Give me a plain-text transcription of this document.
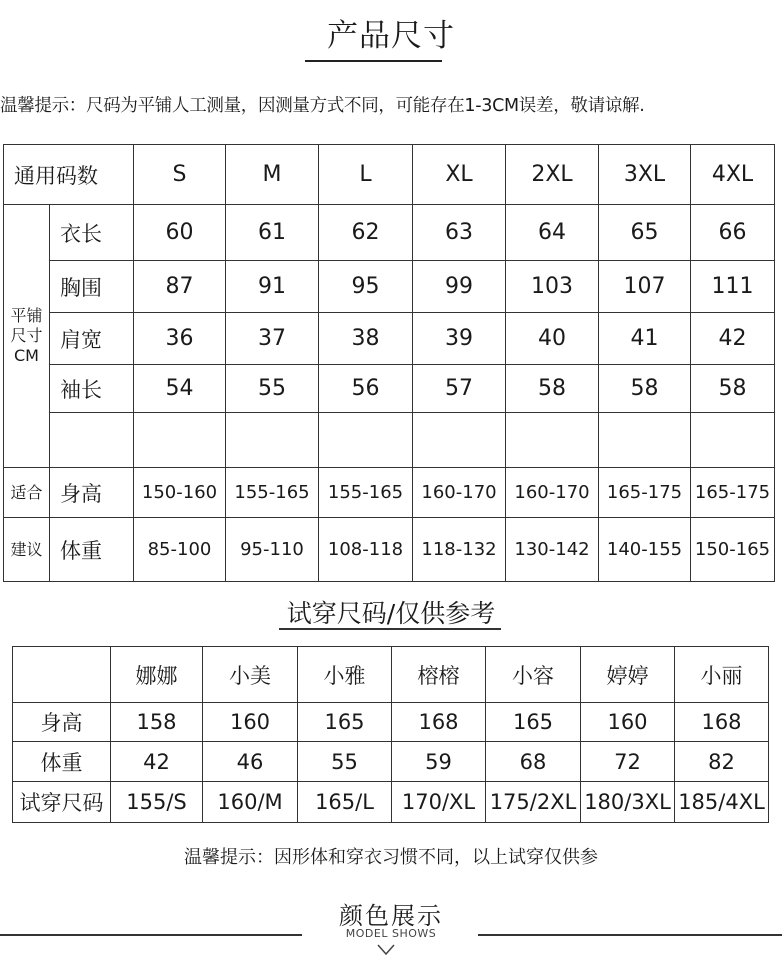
产品尺寸
温馨提示：尺码为平铺人工测量，因测量方式不同，可能存在1-3CM误差，敬请谅解.
通用码数		S	M	L	XL	2XL	3XL	4XL

平铺
尺寸
CM	衣长	60	61	62	63	64	65	66
	胸围	87	91	95	99	103	107	111
	肩宽	36	37	38	39	40	41	42
	袖长	54	55	56	57	58	58	58

适合	身高	150-160	155-165	155-165	160-170	160-170	165-175	165-175
建议	体重	85-100	95-110	108-118	118-132	130-142	140-155	150-165
试穿尺码/仅供参考
	娜娜	小美	小雅	榕榕	小容	婷婷	小丽
身高	158	160	165	168	165	160	168
体重	42	46	55	59	68	72	82
试穿尺码	155/S	160/M	165/L	170/XL	175/2XL	180/3XL	185/4XL
温馨提示：因形体和穿衣习惯不同，以上试穿仅供参
颜色展示
MODEL SHOWS
